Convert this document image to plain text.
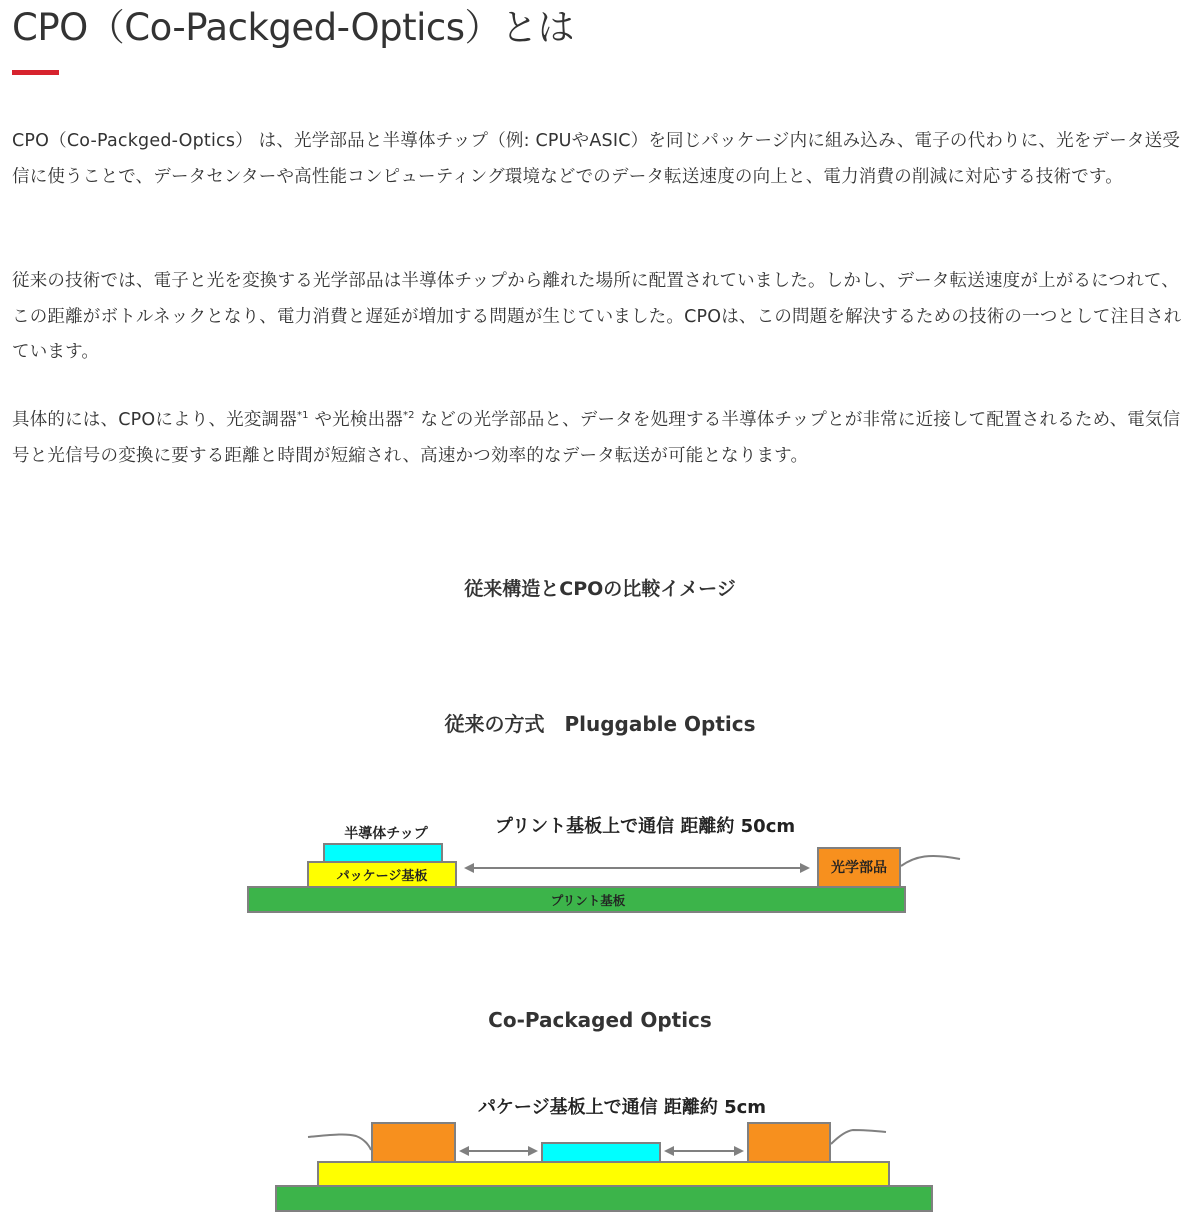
CPO（Co-Packged-Optics）とは

CPO（Co-Packged-Optics） は、光学部品と半導体チップ（例: CPUやASIC）を同じパッケージ内に組み込み、電子の代わりに、光をデータ送受信に使うことで、データセンターや高性能コンピューティング環境などでのデータ転送速度の向上と、電力消費の削減に対応する技術です。

従来の技術では、電子と光を変換する光学部品は半導体チップから離れた場所に配置されていました。しかし、データ転送速度が上がるにつれて、この距離がボトルネックとなり、電力消費と遅延が増加する問題が生じていました。CPOは、この問題を解決するための技術の一つとして注目されています。

具体的には、CPOにより、光変調器$^{*1}$ や光検出器$^{*2}$ などの光学部品と、データを処理する半導体チップとが非常に近接して配置されるため、電気信号と光信号の変換に要する距離と時間が短縮され、高速かつ効率的なデータ転送が可能となります。

従来構造とCPOの比較イメージ
従来の方式　Pluggable Optics
半導体チップ	プリント基板上で通信 距離約 50cm
プリント基板
パッケージ基板
光学部品
Co-Packaged Optics
パケージ基板上で通信 距離約 5cm
